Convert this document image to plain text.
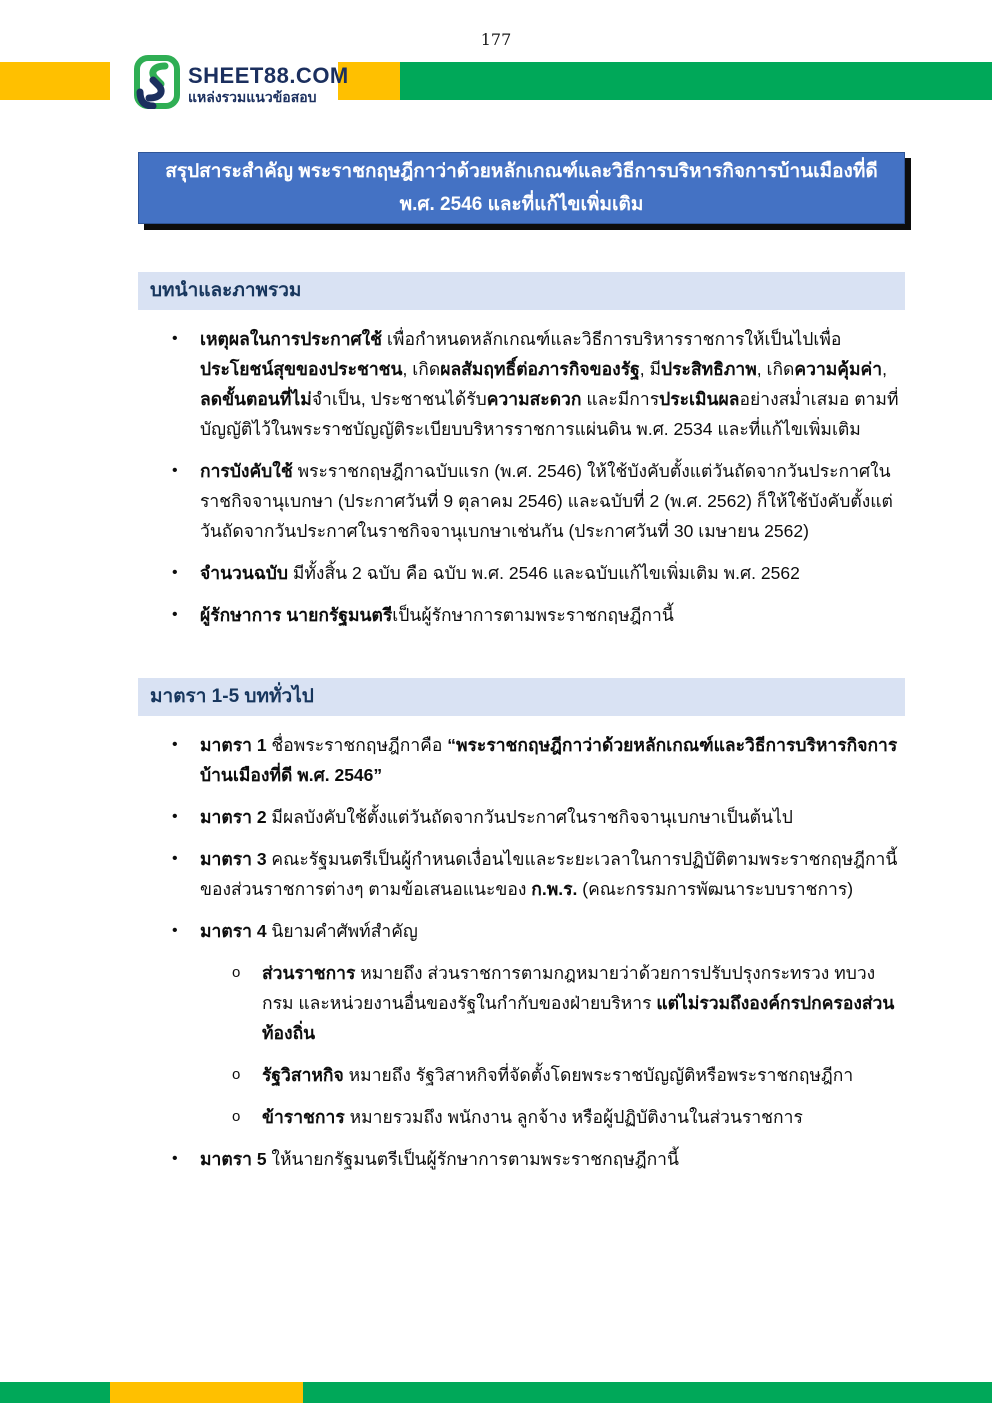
177
SHEET88.COM
แหล่งรวมแนวข้อสอบ
สรุปสาระสำคัญ พระราชกฤษฎีกาว่าด้วยหลักเกณฑ์และวิธีการบริหารกิจการบ้านเมืองที่ดี
พ.ศ. 2546 และที่แก้ไขเพิ่มเติม
บทนำและภาพรวม
• เหตุผลในการประกาศใช้ เพื่อกำหนดหลักเกณฑ์และวิธีการบริหารราชการให้เป็นไปเพื่อประโยชน์สุขของประชาชน, เกิดผลสัมฤทธิ์ต่อภารกิจของรัฐ, มีประสิทธิภาพ, เกิดความคุ้มค่า, ลดขั้นตอนที่ไม่จำเป็น, ประชาชนได้รับความสะดวก และมีการประเมินผลอย่างสม่ำเสมอ ตามที่บัญญัติไว้ในพระราชบัญญัติระเบียบบริหารราชการแผ่นดิน พ.ศ. 2534 และที่แก้ไขเพิ่มเติม
• การบังคับใช้ พระราชกฤษฎีกาฉบับแรก (พ.ศ. 2546) ให้ใช้บังคับตั้งแต่วันถัดจากวันประกาศในราชกิจจานุเบกษา (ประกาศวันที่ 9 ตุลาคม 2546) และฉบับที่ 2 (พ.ศ. 2562) ก็ให้ใช้บังคับตั้งแต่วันถัดจากวันประกาศในราชกิจจานุเบกษาเช่นกัน (ประกาศวันที่ 30 เมษายน 2562)
• จำนวนฉบับ มีทั้งสิ้น 2 ฉบับ คือ ฉบับ พ.ศ. 2546 และฉบับแก้ไขเพิ่มเติม พ.ศ. 2562
• ผู้รักษาการ นายกรัฐมนตรีเป็นผู้รักษาการตามพระราชกฤษฎีกานี้
มาตรา 1-5 บททั่วไป
• มาตรา 1 ชื่อพระราชกฤษฎีกาคือ “พระราชกฤษฎีกาว่าด้วยหลักเกณฑ์และวิธีการบริหารกิจการบ้านเมืองที่ดี พ.ศ. 2546”
• มาตรา 2 มีผลบังคับใช้ตั้งแต่วันถัดจากวันประกาศในราชกิจจานุเบกษาเป็นต้นไป
• มาตรา 3 คณะรัฐมนตรีเป็นผู้กำหนดเงื่อนไขและระยะเวลาในการปฏิบัติตามพระราชกฤษฎีกานี้ของส่วนราชการต่างๆ ตามข้อเสนอแนะของ ก.พ.ร. (คณะกรรมการพัฒนาระบบราชการ)
• มาตรา 4 นิยามคำศัพท์สำคัญ
o ส่วนราชการ หมายถึง ส่วนราชการตามกฎหมายว่าด้วยการปรับปรุงกระทรวง ทบวง กรม และหน่วยงานอื่นของรัฐในกำกับของฝ่ายบริหาร แต่ไม่รวมถึงองค์กรปกครองส่วนท้องถิ่น
o รัฐวิสาหกิจ หมายถึง รัฐวิสาหกิจที่จัดตั้งโดยพระราชบัญญัติหรือพระราชกฤษฎีกา
o ข้าราชการ หมายรวมถึง พนักงาน ลูกจ้าง หรือผู้ปฏิบัติงานในส่วนราชการ
• มาตรา 5 ให้นายกรัฐมนตรีเป็นผู้รักษาการตามพระราชกฤษฎีกานี้
